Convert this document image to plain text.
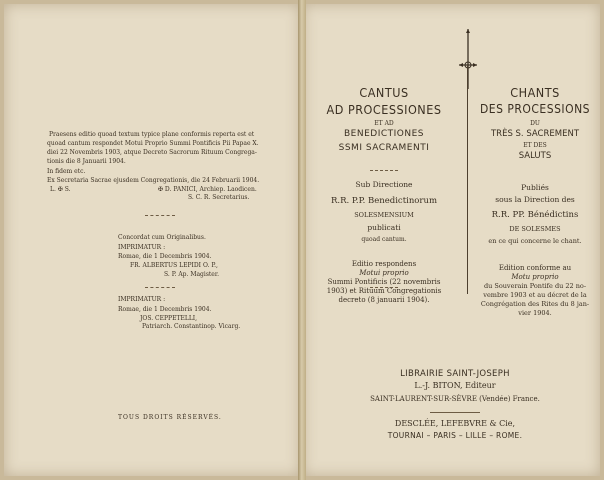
Praesens editio quoad textum typice plane conformis reperta est et
quoad cantum respondet Motui Proprio Summi Pontificis Pii Papae X.
diei 22 Novembris 1903, atque Decreto Sacrorum Rituum Congrega-
tionis die 8 Januarii 1904.
In fidem etc.
Ex Secretaria Sacrae ejusdem Congregationis, die 24 Februarii 1904.
L. ✠ S.	✠ D. PANICI, Archiep. Laodicen.
S. C. R. Secretarius.
Concordat cum Originalibus.
IMPRIMATUR :
Romae, die 1 Decembris 1904.
FR. ALBERTUS LEPIDI O. P.,
S. P. Ap. Magister.
IMPRIMATUR :
Romae, die 1 Decembris 1904.
JOS. CEPPETELLI,
Patriarch. Constantinop. Vicarg.
TOUS DROITS RÉSERVÉS.
CANTUS
AD PROCESSIONES
ET AD
BENEDICTIONES
SSMI SACRAMENTI
Sub Directione
R.R. P.P. Benedictinorum
SOLESMENSIUM
publicati
quoad cantum.
Editio respondens
Motui proprio
Summi Pontificis (22 novembris
1903) et Rituum Congregationis
decreto (8 januarii 1904).
CHANTS
DES PROCESSIONS
DU
TRÈS S. SACREMENT
ET DES
SALUTS
Publiés
sous la Direction des
R.R. PP. Bénédictins
DE SOLESMES
en ce qui concerne le chant.
Edition conforme au
Motu proprio
du Souverain Pontife du 22 no-
vembre 1903 et au décret de la
Congrégation des Rites du 8 jan-
vier 1904.
LIBRAIRIE SAINT-JOSEPH
L.-J. BITON, Editeur
SAINT-LAURENT-SUR-SÈVRE (Vendée) France.
DESCLÉE, LEFEBVRE & Cie,
TOURNAI – PARIS – LILLE – ROME.
